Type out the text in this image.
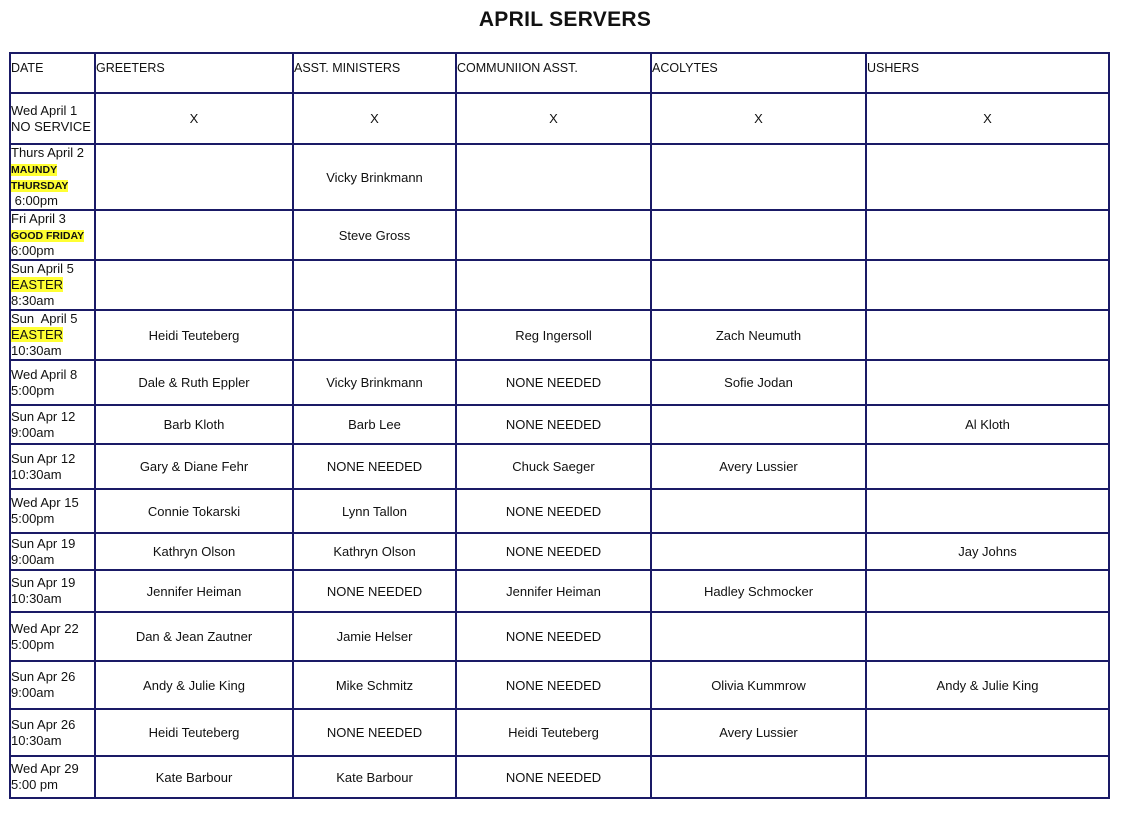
APRIL SERVERS
DATE	GREETERS	ASST. MINISTERS	COMMUNIION ASST.	ACOLYTES	USHERS

Wed April 1
NO SERVICE	X	X	X	X	X

Thurs April 2
MAUNDY
THURSDAY
6:00pm		Vicky Brinkmann			

Fri April 3
GOOD FRIDAY
6:00pm		Steve Gross			

Sun April 5
EASTER
8:30am					

Sun  April 5
EASTER
10:30am	Heidi Teuteberg		Reg Ingersoll	Zach Neumuth	

Wed April 8
5:00pm	Dale & Ruth Eppler	Vicky Brinkmann	NONE NEEDED	Sofie Jodan	

Sun Apr 12
9:00am	Barb Kloth	Barb Lee	NONE NEEDED		Al Kloth

Sun Apr 12
10:30am	Gary & Diane Fehr	NONE NEEDED	Chuck Saeger	Avery Lussier	

Wed Apr 15
5:00pm	Connie Tokarski	Lynn Tallon	NONE NEEDED		

Sun Apr 19
9:00am	Kathryn Olson	Kathryn Olson	NONE NEEDED		Jay Johns

Sun Apr 19
10:30am	Jennifer Heiman	NONE NEEDED	Jennifer Heiman	Hadley Schmocker	

Wed Apr 22
5:00pm	Dan & Jean Zautner	Jamie Helser	NONE NEEDED		

Sun Apr 26
9:00am	Andy & Julie King	Mike Schmitz	NONE NEEDED	Olivia Kummrow	Andy & Julie King

Sun Apr 26
10:30am	Heidi Teuteberg	NONE NEEDED	Heidi Teuteberg	Avery Lussier	

Wed Apr 29
5:00 pm	Kate Barbour	Kate Barbour	NONE NEEDED		
